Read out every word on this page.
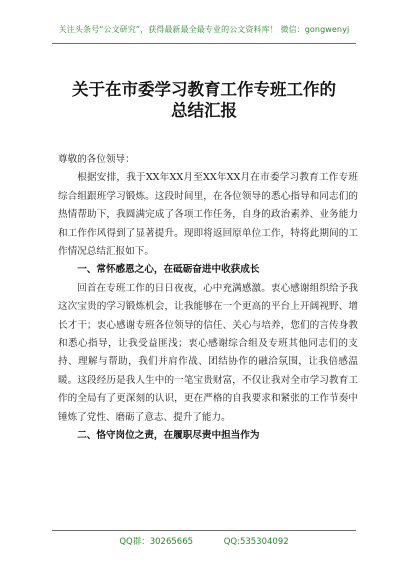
关注头条号“公文研究”，获得最新最全最专业的公文资料库！ 微信：gongwenyj
关于在市委学习教育工作专班工作的
总结汇报

尊敬的各位领导：

根据安排，我于XX年XX月至XX年XX月在市委学习教育工作专班综合组跟班学习锻炼。这段时间里，在各位领导的悉心指导和同志们的热情帮助下，我圆满完成了各项工作任务，自身的政治素养、业务能力和工作作风得到了显著提升。现即将返回原单位工作，特将此期间的工作情况总结汇报如下。

一、常怀感恩之心，在砥砺奋进中收获成长

回首在专班工作的日日夜夜，心中充满感激。衷心感谢组织给予我这次宝贵的学习锻炼机会，让我能够在一个更高的平台上开阔视野、增长才干；衷心感谢专班各位领导的信任、关心与培养，您们的言传身教和悉心指导，让我受益匪浅；衷心感谢综合组及专班其他同志们的支持、理解与帮助，我们并肩作战、团结协作的融洽氛围，让我倍感温暖。这段经历是我人生中的一笔宝贵财富，不仅让我对全市学习教育工作的全局有了更深刻的认识，更在严格的自我要求和紧张的工作节奏中锤炼了党性、磨砺了意志、提升了能力。

二、恪守岗位之责，在履职尽责中担当作为

QQ群：30265665	QQ:535304092
